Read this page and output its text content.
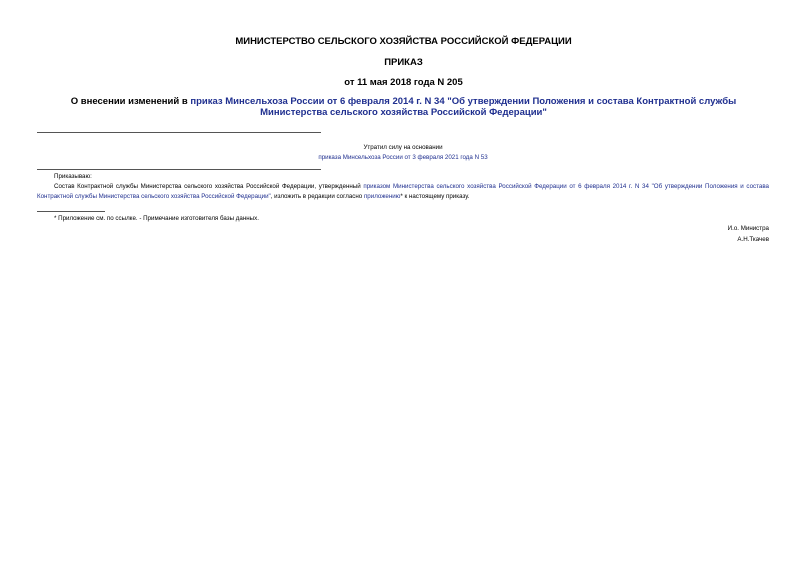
МИНИСТЕРСТВО СЕЛЬСКОГО ХОЗЯЙСТВА РОССИЙСКОЙ ФЕДЕРАЦИИ
ПРИКАЗ
от 11 мая 2018 года N 205
О внесении изменений в приказ Минсельхоза России от 6 февраля 2014 г. N 34 "Об утверждении Положения и состава Контрактной службы Министерства сельского хозяйства Российской Федерации"
Утратил силу на основании
приказа Минсельхоза России от 3 февраля 2021 года N 53
Приказываю:
Состав Контрактной службы Министерства сельского хозяйства Российской Федерации, утвержденный приказом Министерства сельского хозяйства Российской Федерации от 6 февраля 2014 г. N 34 "Об утверждении Положения и состава Контрактной службы Министерства сельского хозяйства Российской Федерации", изложить в редакции согласно приложению* к настоящему приказу.
* Приложение см. по ссылке. - Примечание изготовителя базы данных.
И.о. Министра
А.Н.Ткачев
